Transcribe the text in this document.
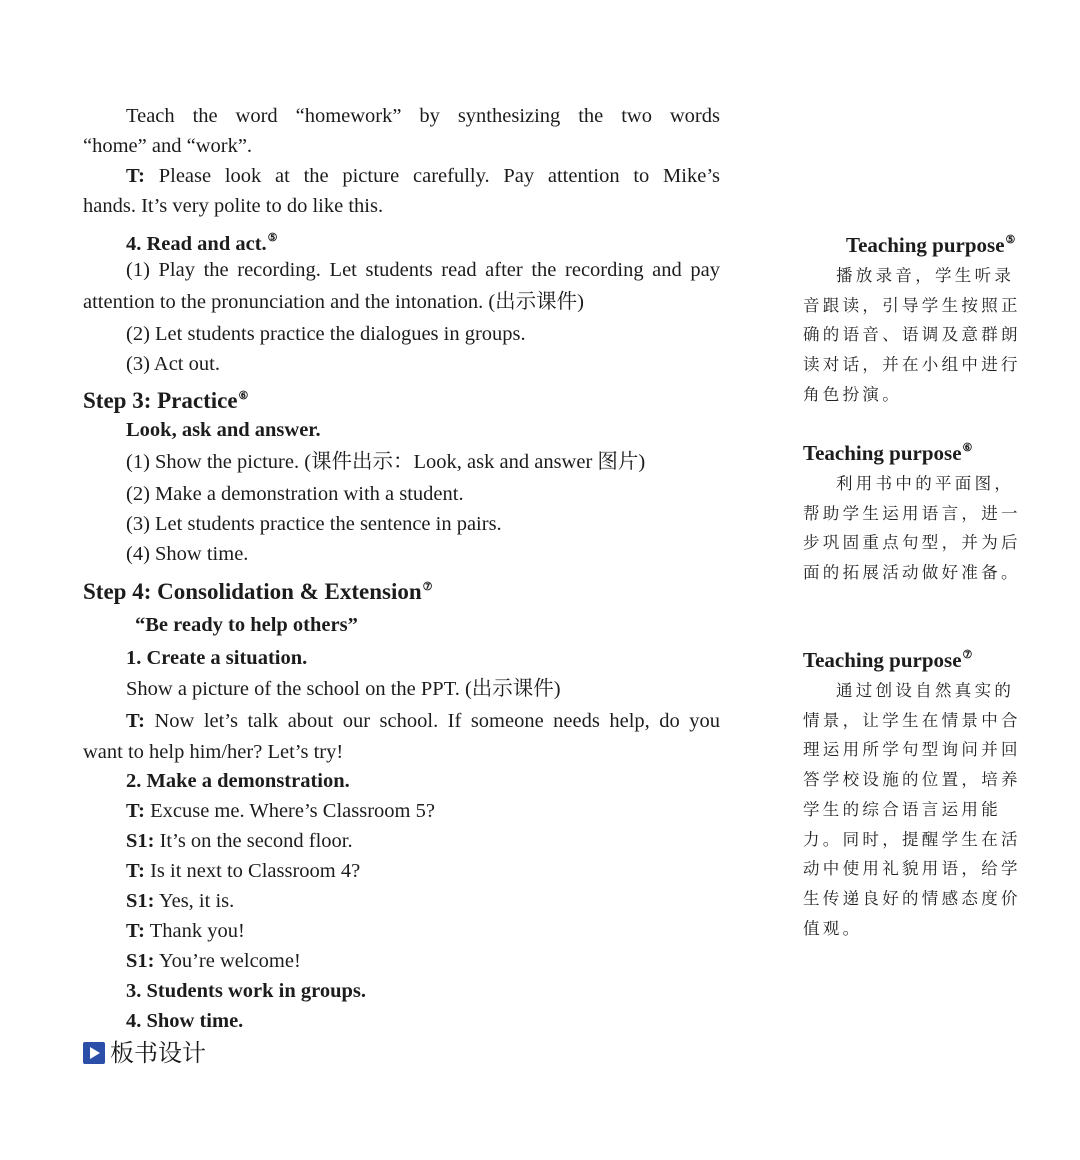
Teach the word “homework” by synthesizing the two words
“home” and “work”.
T: Please look at the picture carefully. Pay attention to Mike’s
hands. It’s very polite to do like this.
4. Read and act.⑤
(1) Play the recording. Let students read after the recording and pay
attention to the pronunciation and the intonation. (出示课件)
(2) Let students practice the dialogues in groups.
(3) Act out.
Step 3: Practice⑥
Look, ask and answer.
(1) Show the picture. (课件出示：Look, ask and answer 图片)
(2) Make a demonstration with a student.
(3) Let students practice the sentence in pairs.
(4) Show time.
Step 4: Consolidation & Extension⑦
“Be ready to help others”
1. Create a situation.
Show a picture of the school on the PPT. (出示课件)
T: Now let’s talk about our school. If someone needs help, do you
want to help him/her? Let’s try!
2. Make a demonstration.
T: Excuse me. Where’s Classroom 5?
S1: It’s on the second floor.
T: Is it next to Classroom 4?
S1: Yes, it is.
T: Thank you!
S1: You’re welcome!
3. Students work in groups.
4. Show time.
板书设计
Teaching purpose⑤
播放录音，学生听录音跟读，引导学生按照正确的语音、语调及意群朗读对话，并在小组中进行角色扮演。
Teaching purpose⑥
利用书中的平面图，帮助学生运用语言，进一步巩固重点句型，并为后面的拓展活动做好准备。
Teaching purpose⑦
通过创设自然真实的情景，让学生在情景中合理运用所学句型询问并回答学校设施的位置，培养学生的综合语言运用能力。同时，提醒学生在活动中使用礼貌用语，给学生传递良好的情感态度价值观。
